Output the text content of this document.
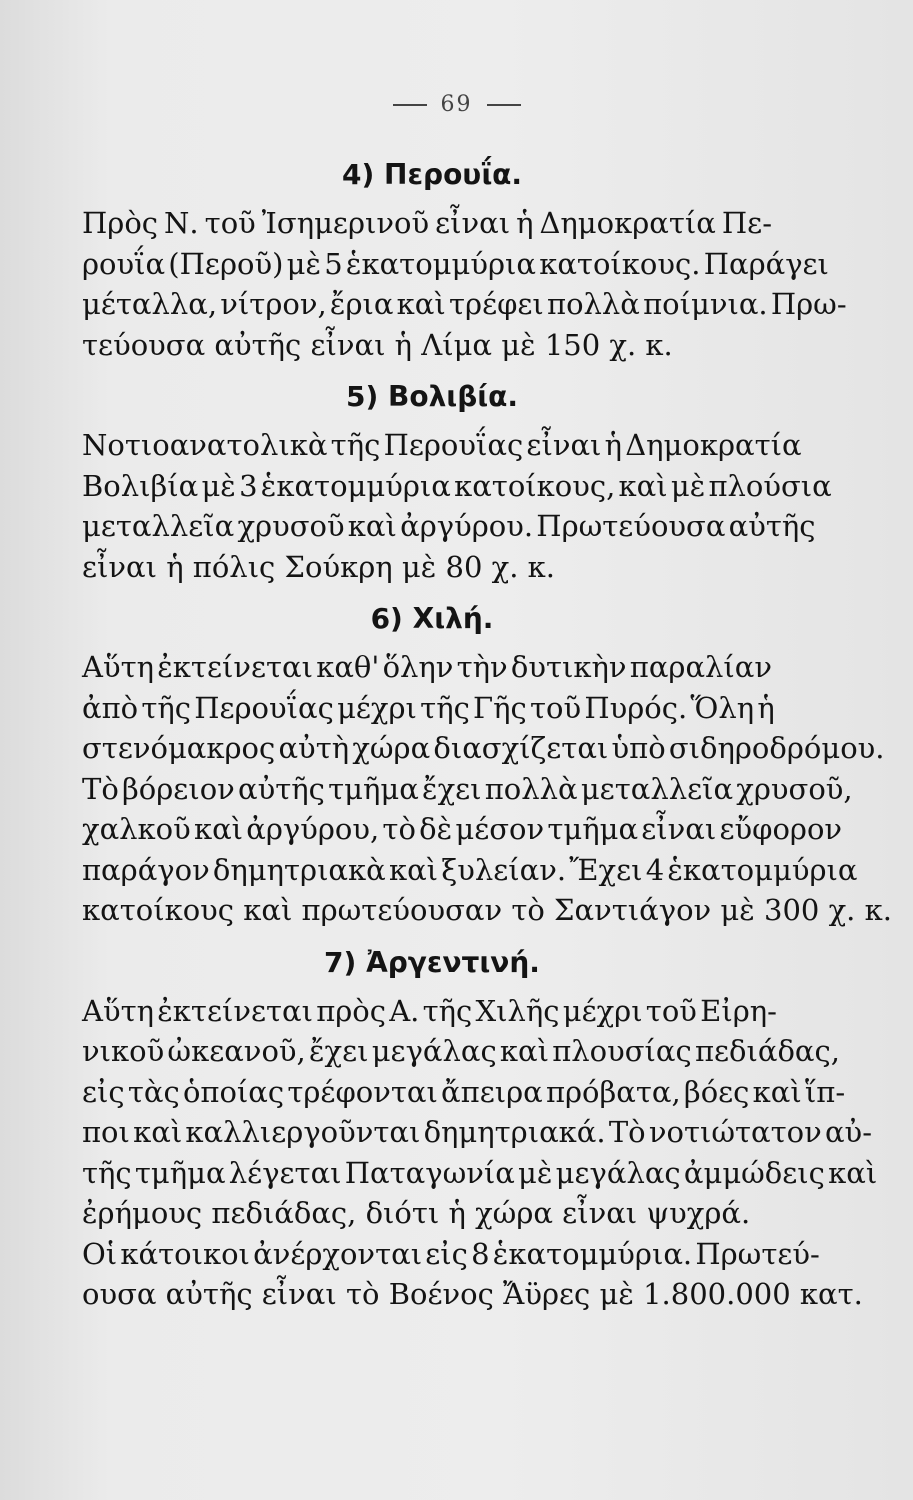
69
4) Περουΐα.

Πρὸς Ν. τοῦ Ἰσημερινοῦ εἶναι ἡ Δημοκρατία Πε-
ρουΐα (Περοῦ) μὲ 5 ἑκατομμύρια κατοίκους. Παράγει
μέταλλα, νίτρον, ἔρια καὶ τρέφει πολλὰ ποίμνια. Πρω-
τεύουσα αὐτῆς εἶναι ἡ Λίμα μὲ 150 χ. κ.

5) Βολιβία.

Νοτιοανατολικὰ τῆς Περουΐας εἶναι ἡ Δημοκρατία
Βολιβία μὲ 3 ἑκατομμύρια κατοίκους, καὶ μὲ πλούσια
μεταλλεῖα χρυσοῦ καὶ ἀργύρου. Πρωτεύουσα αὐτῆς
εἶναι ἡ πόλις Σούκρη μὲ 80 χ. κ.

6) Χιλή.

Αὕτη ἐκτείνεται καθ' ὅλην τὴν δυτικὴν παραλίαν
ἀπὸ τῆς Περουΐας μέχρι τῆς Γῆς τοῦ Πυρός. Ὅλη ἡ
στενόμακρος αὐτὴ χώρα διασχίζεται ὑπὸ σιδηροδρόμου.
Τὸ βόρειον αὐτῆς τμῆμα ἔχει πολλὰ μεταλλεῖα χρυσοῦ,
χαλκοῦ καὶ ἀργύρου, τὸ δὲ μέσον τμῆμα εἶναι εὔφορον
παράγον δημητριακὰ καὶ ξυλείαν. Ἔχει 4 ἑκατομμύρια
κατοίκους καὶ πρωτεύουσαν τὸ Σαντιάγον μὲ 300 χ. κ.

7) Ἀργεντινή.

Αὕτη ἐκτείνεται πρὸς Α. τῆς Χιλῆς μέχρι τοῦ Εἰρη-
νικοῦ ὠκεανοῦ, ἔχει μεγάλας καὶ πλουσίας πεδιάδας,
εἰς τὰς ὁποίας τρέφονται ἄπειρα πρόβατα, βόες καὶ ἵπ-
ποι καὶ καλλιεργοῦνται δημητριακά. Τὸ νοτιώτατον αὐ-
τῆς τμῆμα λέγεται Παταγωνία μὲ μεγάλας ἀμμώδεις καὶ
ἐρήμους πεδιάδας, διότι ἡ χώρα εἶναι ψυχρά.

Οἱ κάτοικοι ἀνέρχονται εἰς 8 ἑκατομμύρια. Πρωτεύ-
ουσα αὐτῆς εἶναι τὸ Βοένος Ἄϋρες μὲ 1.800.000 κατ.
